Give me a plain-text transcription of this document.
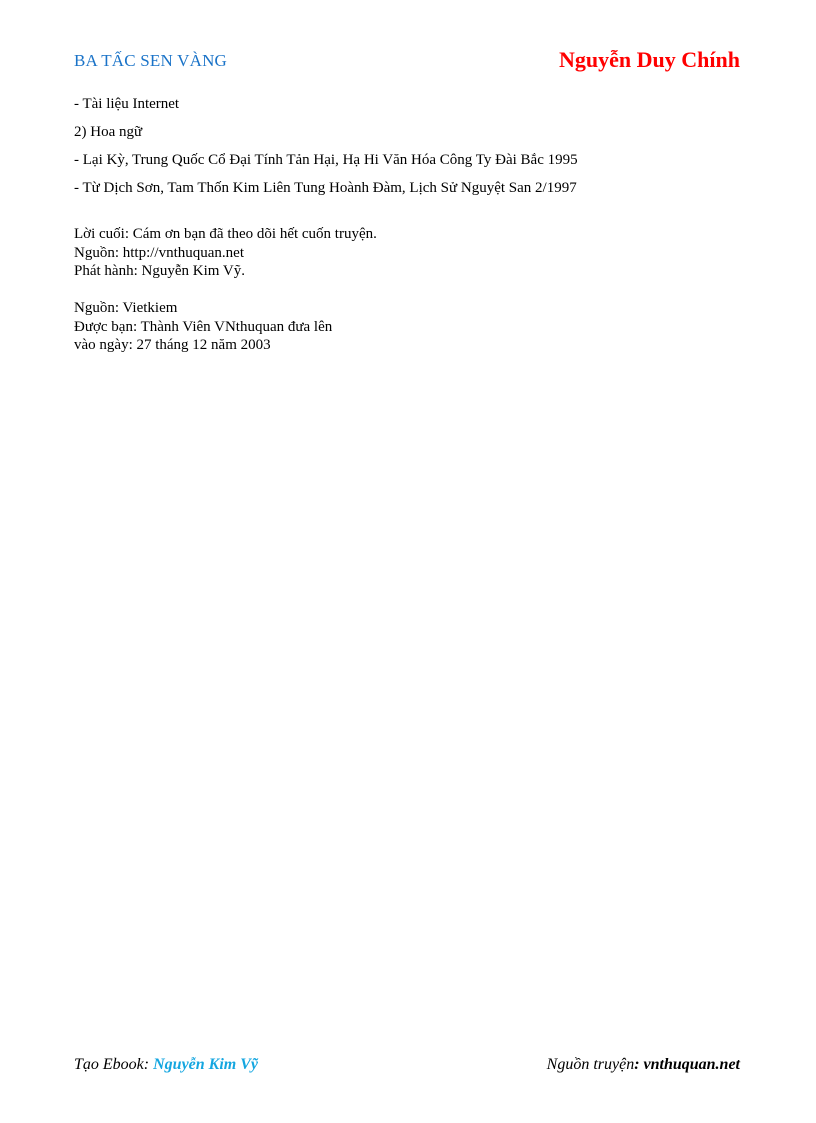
BA TẤC SEN VÀNG	Nguyễn Duy Chính
- Tài liệu Internet
2) Hoa ngữ
- Lại Kỳ, Trung Quốc Cổ Đại Tính Tản Hại, Hạ Hi Văn Hóa Công Ty Đài Bắc 1995
- Từ Dịch Sơn, Tam Thốn Kim Liên Tung Hoành Đàm, Lịch Sử Nguyệt San 2/1997
Lời cuối: Cám ơn bạn đã theo dõi hết cuốn truyện.
Nguồn: http://vnthuquan.net
Phát hành: Nguyễn Kim Vỹ.
Nguồn: Vietkiem
Được bạn: Thành Viên VNthuquan đưa lên
vào ngày: 27 tháng 12 năm 2003
Tạo Ebook: Nguyễn Kim Vỹ	Nguồn truyện: vnthuquan.net
